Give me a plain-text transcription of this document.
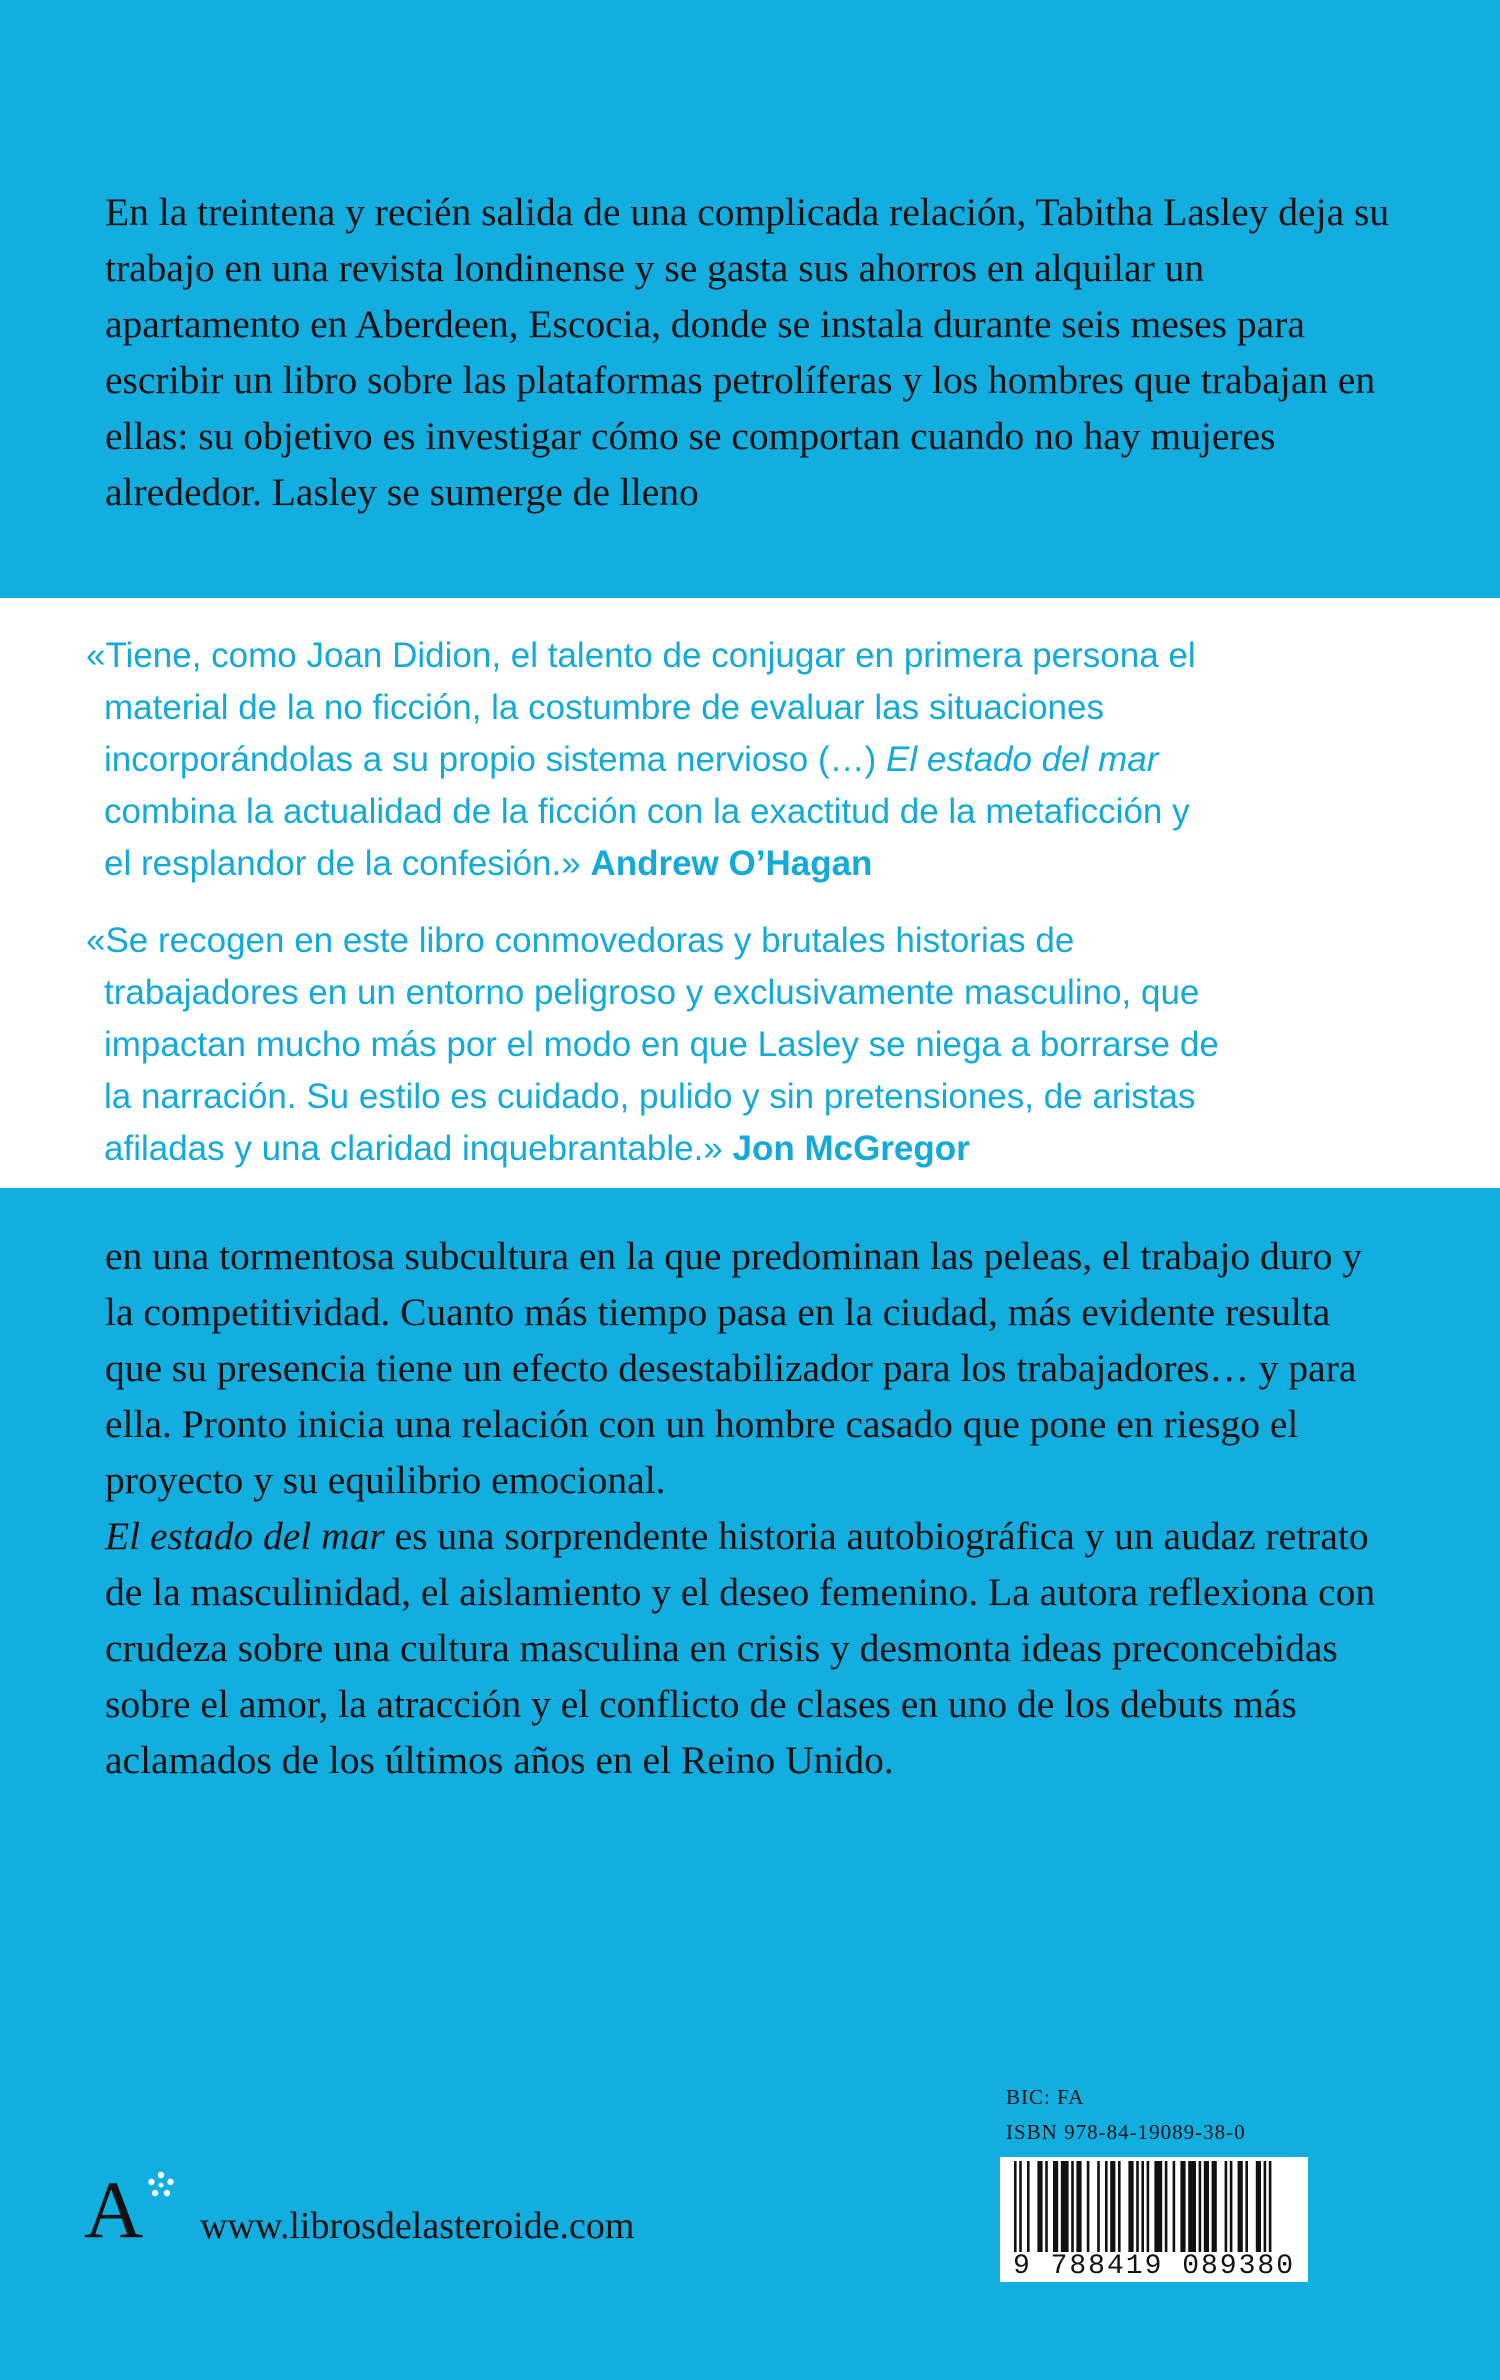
En la treintena y recién salida de una complicada relación, Tabitha Lasley deja su trabajo en una revista londinense y se gasta sus ahorros en alquilar un apartamento en Aberdeen, Escocia, donde se instala durante seis meses para escribir un libro sobre las plataformas petrolíferas y los hombres que trabajan en ellas: su objetivo es investigar cómo se comportan cuando no hay mujeres alrededor. Lasley se sumerge de lleno

«Tiene, como Joan Didion, el talento de conjugar en primera persona el
material de la no ficción, la costumbre de evaluar las situaciones
incorporándolas a su propio sistema nervioso (…) El estado del mar
combina la actualidad de la ficción con la exactitud de la metaficción y
el resplandor de la confesión.» Andrew O’Hagan
«Se recogen en este libro conmovedoras y brutales historias de
trabajadores en un entorno peligroso y exclusivamente masculino, que
impactan mucho más por el modo en que Lasley se niega a borrarse de
la narración. Su estilo es cuidado, pulido y sin pretensiones, de aristas
afiladas y una claridad inquebrantable.» Jon McGregor

en una tormentosa subcultura en la que predominan las peleas, el trabajo duro y la competitividad. Cuanto más tiempo pasa en la ciudad, más evidente resulta que su presencia tiene un efecto desestabilizador para los trabajadores… y para ella. Pronto inicia una relación con un hombre casado que pone en riesgo el proyecto y su equilibrio emocional.

El estado del mar es una sorprendente historia autobiográfica y un audaz retrato de la masculinidad, el aislamiento y el deseo femenino. La autora reflexiona con crudeza sobre una cultura masculina en crisis y desmonta ideas preconcebidas sobre el amor, la atracción y el conflicto de clases en uno de los debuts más aclamados de los últimos años en el Reino Unido.

BIC: FA
ISBN 978-84-19089-38-0
9 788419 089380
A www.librosdelasteroide.com
